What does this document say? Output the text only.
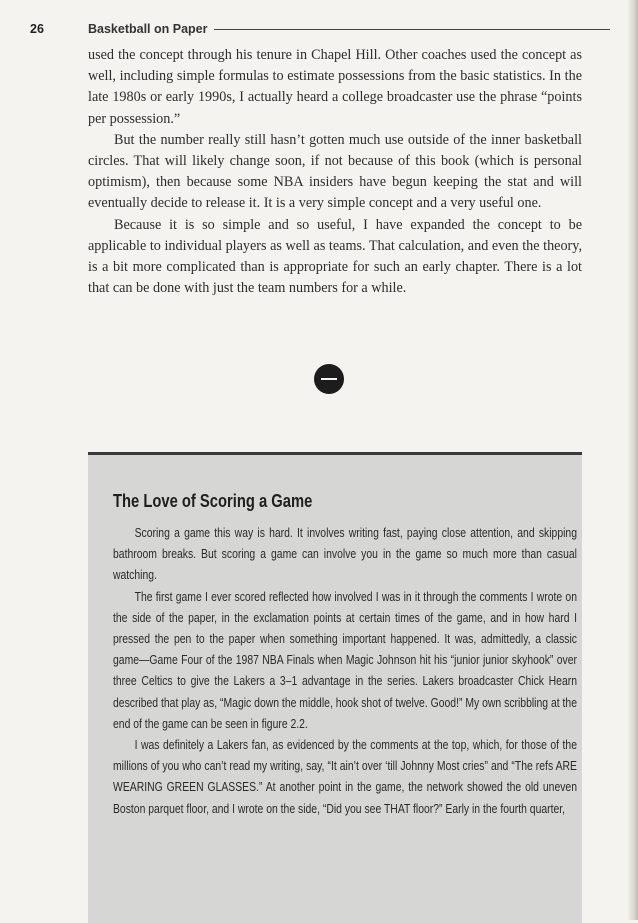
26	Basketball on Paper

used the concept through his tenure in Chapel Hill. Other coaches used the concept as well, including simple formulas to estimate possessions from the basic statistics. In the late 1980s or early 1990s, I actually heard a college broadcaster use the phrase “points per possession.”

But the number really still hasn’t gotten much use outside of the inner basketball circles. That will likely change soon, if not because of this book (which is personal optimism), then because some NBA insiders have begun keeping the stat and will eventually decide to release it. It is a very simple concept and a very useful one.

Because it is so simple and so useful, I have expanded the concept to be applicable to individual players as well as teams. That calculation, and even the theory, is a bit more complicated than is appropriate for such an early chapter. There is a lot that can be done with just the team numbers for a while.

The Love of Scoring a Game

Scoring a game this way is hard. It involves writing fast, paying close attention, and skipping bathroom breaks. But scoring a game can involve you in the game so much more than casual watching.

The first game I ever scored reflected how involved I was in it through the comments I wrote on the side of the paper, in the exclamation points at certain times of the game, and in how hard I pressed the pen to the paper when something important happened. It was, admittedly, a classic game—Game Four of the 1987 NBA Finals when Magic Johnson hit his “junior junior skyhook” over three Celtics to give the Lakers a 3–1 advantage in the series. Lakers broadcaster Chick Hearn described that play as, “Magic down the middle, hook shot of twelve. Good!” My own scribbling at the end of the game can be seen in figure 2.2.

I was definitely a Lakers fan, as evidenced by the comments at the top, which, for those of the millions of you who can’t read my writing, say, “It ain’t over ‘till Johnny Most cries” and “The refs ARE WEARING GREEN GLASSES.” At another point in the game, the network showed the old uneven Boston parquet floor, and I wrote on the side, “Did you see THAT floor?” Early in the fourth quarter,
